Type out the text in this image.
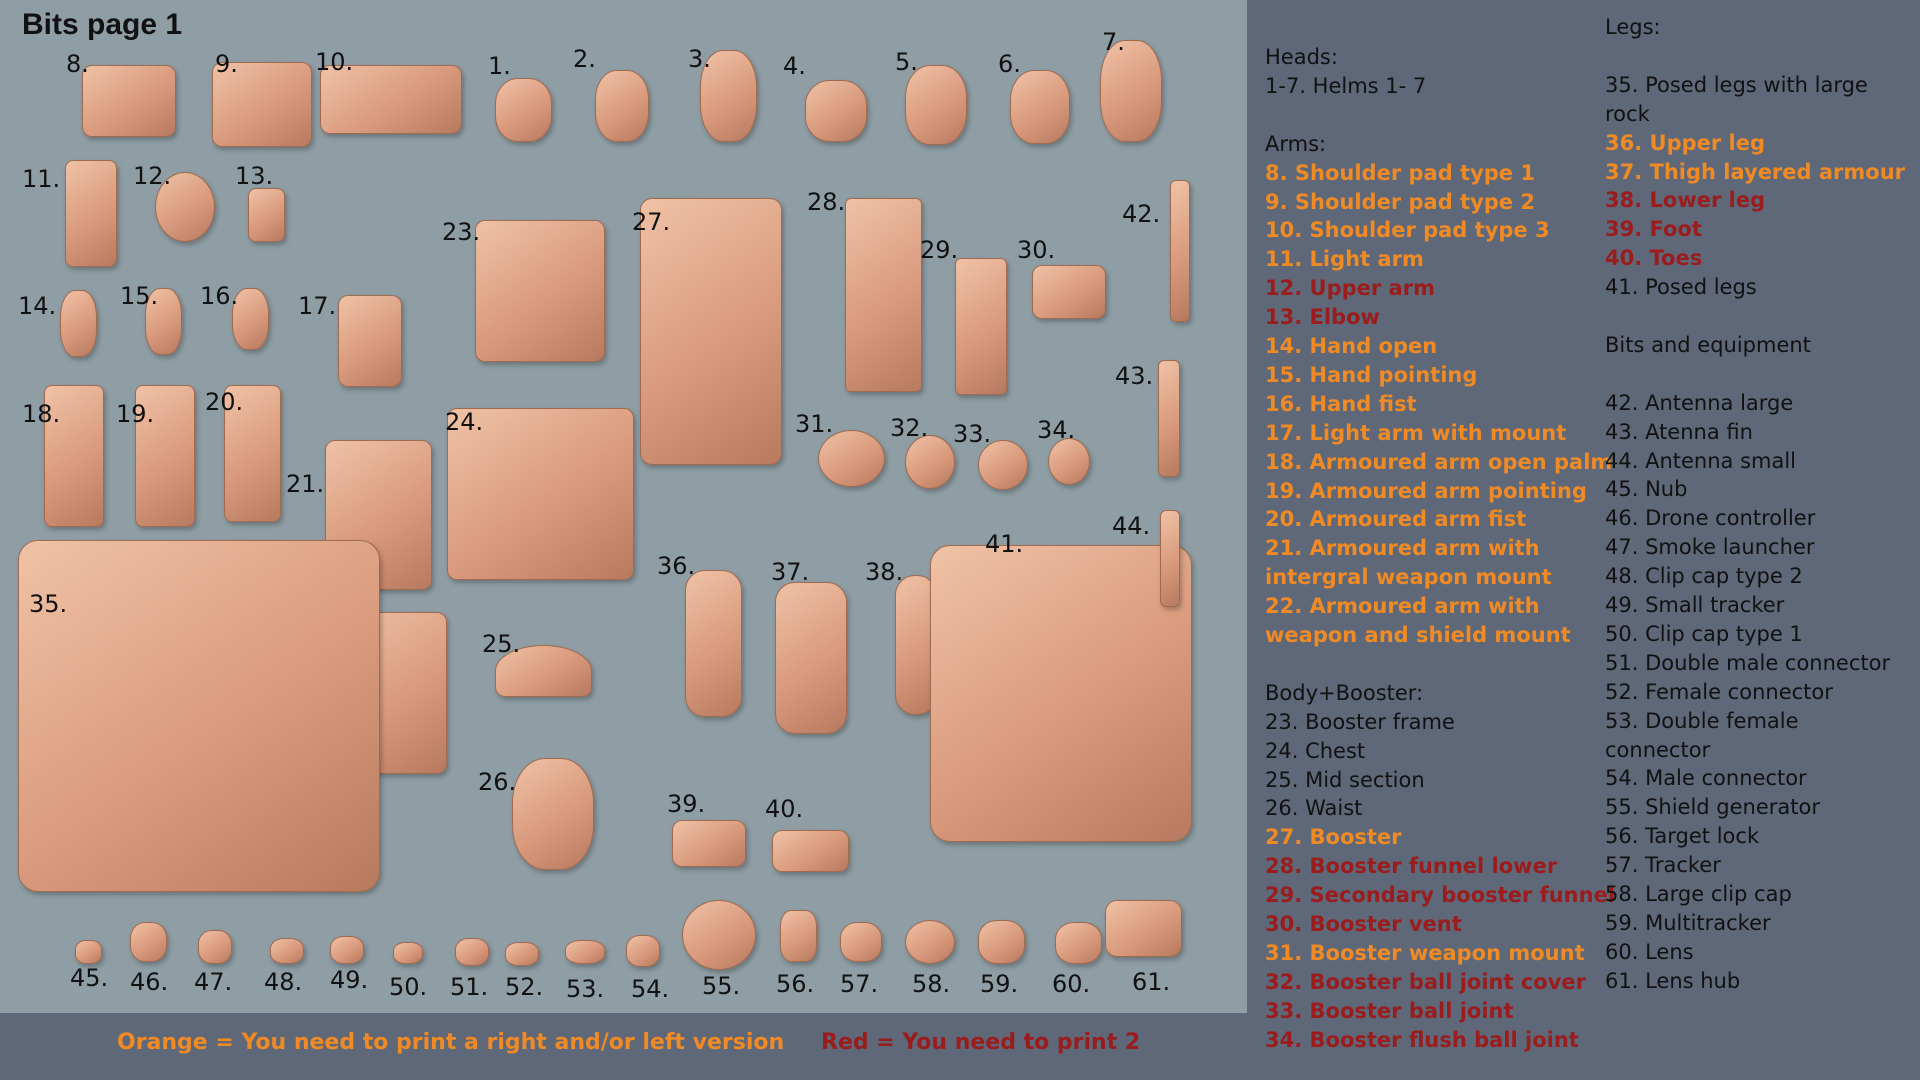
Bits page 1
1.	2.	3.	4.	5.	6.
7.
8.	9.	10.
11.	12.	13.
14.	15. 16. 17.
18. 19. 20.
21.
23.
24.
25.
26.
27.
28.
29. 30.
31. 32. 33. 34.
35.
36.	37. 38.
39. 40.
41.
42.
43.
44.
45. 46. 47. 48. 49. 50. 51. 52. 53. 54. 55. 56. 57. 58. 59. 60. 61.
Orange = You need to print a right and/or left version Red = You need to print 2
Heads:
1-7. Helms 1- 7
Arms:
8. Shoulder pad type 1
9. Shoulder pad type 2
10. Shoulder pad type 3
11. Light arm
12. Upper arm
13. Elbow
14. Hand open
15. Hand pointing
16. Hand fist
17. Light arm with mount
18. Armoured arm open palm
19. Armoured arm pointing
20. Armoured arm fist
21. Armoured arm with
intergral weapon mount
22. Armoured arm with
weapon and shield mount
Body+Booster:
23. Booster frame
24. Chest
25. Mid section
26. Waist
27. Booster
28. Booster funnel lower
29. Secondary booster funnel
30. Booster vent
31. Booster weapon mount
32. Booster ball joint cover
33. Booster ball joint
34. Booster flush ball joint
Legs:
35. Posed legs with large
rock
36. Upper leg
37. Thigh layered armour
38. Lower leg
39. Foot
40. Toes
41. Posed legs
Bits and equipment
42. Antenna large
43. Atenna fin
44. Antenna small
45. Nub
46. Drone controller
47. Smoke launcher
48. Clip cap type 2
49. Small tracker
50. Clip cap type 1
51. Double male connector
52. Female connector
53. Double female
connector
54. Male connector
55. Shield generator
56. Target lock
57. Tracker
58. Large clip cap
59. Multitracker
60. Lens
61. Lens hub
